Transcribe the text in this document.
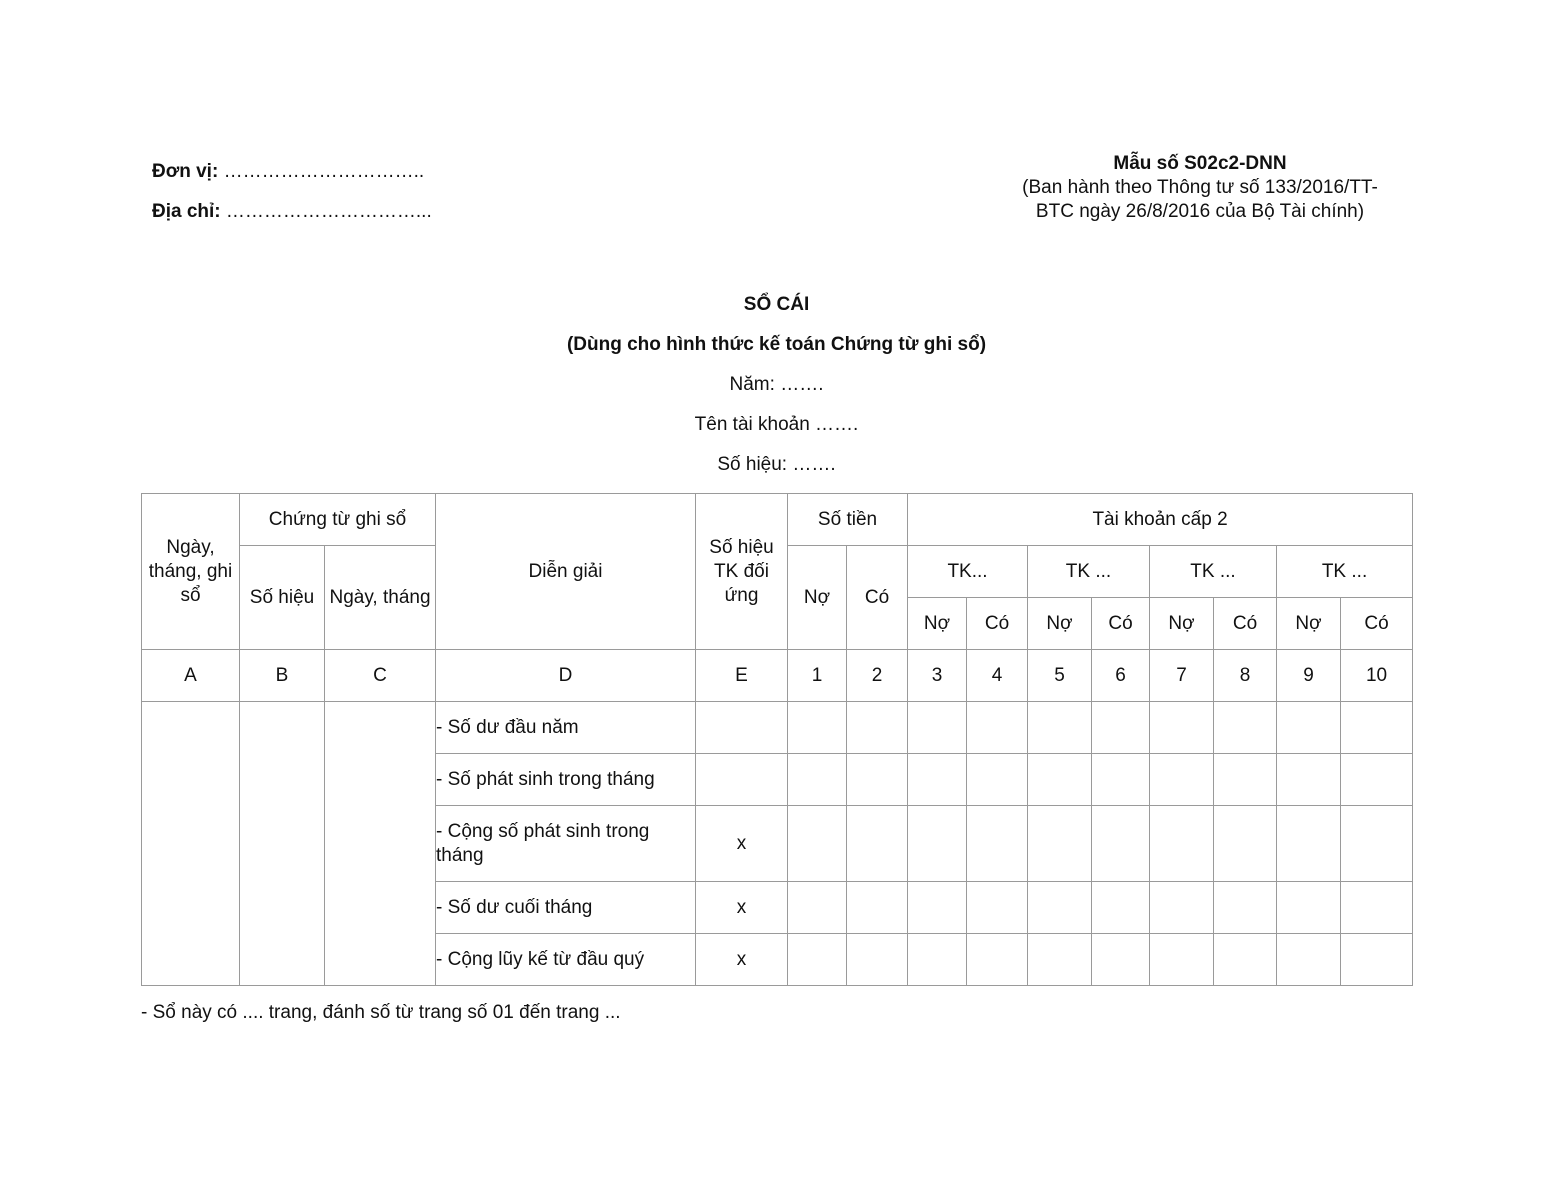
Đơn vị: …………………………..
Địa chỉ: …………………………...
Mẫu số S02c2-DNN
(Ban hành theo Thông tư số 133/2016/TT-
BTC ngày 26/8/2016 của Bộ Tài chính)
SỔ CÁI
(Dùng cho hình thức kế toán Chứng từ ghi sổ)
Năm: …….
Tên tài khoản …….
Số hiệu: …….
Ngày, tháng, ghi sổ	Chứng từ ghi sổ		Diễn giải	Số hiệu TK đối ứng	Số tiền		Tài khoản cấp 2							
	Số hiệu	Ngày, tháng			Nợ	Có	TK...		TK ...		TK ...		TK ...	
							Nợ	Có	Nợ	Có	Nợ	Có	Nợ	Có
A	B	C	D	E	1	2	3	4	5	6	7	8	9	10
			- Số dư đầu năm											
			- Số phát sinh trong tháng											
			- Cộng số phát sinh trong tháng	x										
			- Số dư cuối tháng	x										
			- Cộng lũy kế từ đầu quý	x										
- Sổ này có .... trang, đánh số từ trang số 01 đến trang ...
